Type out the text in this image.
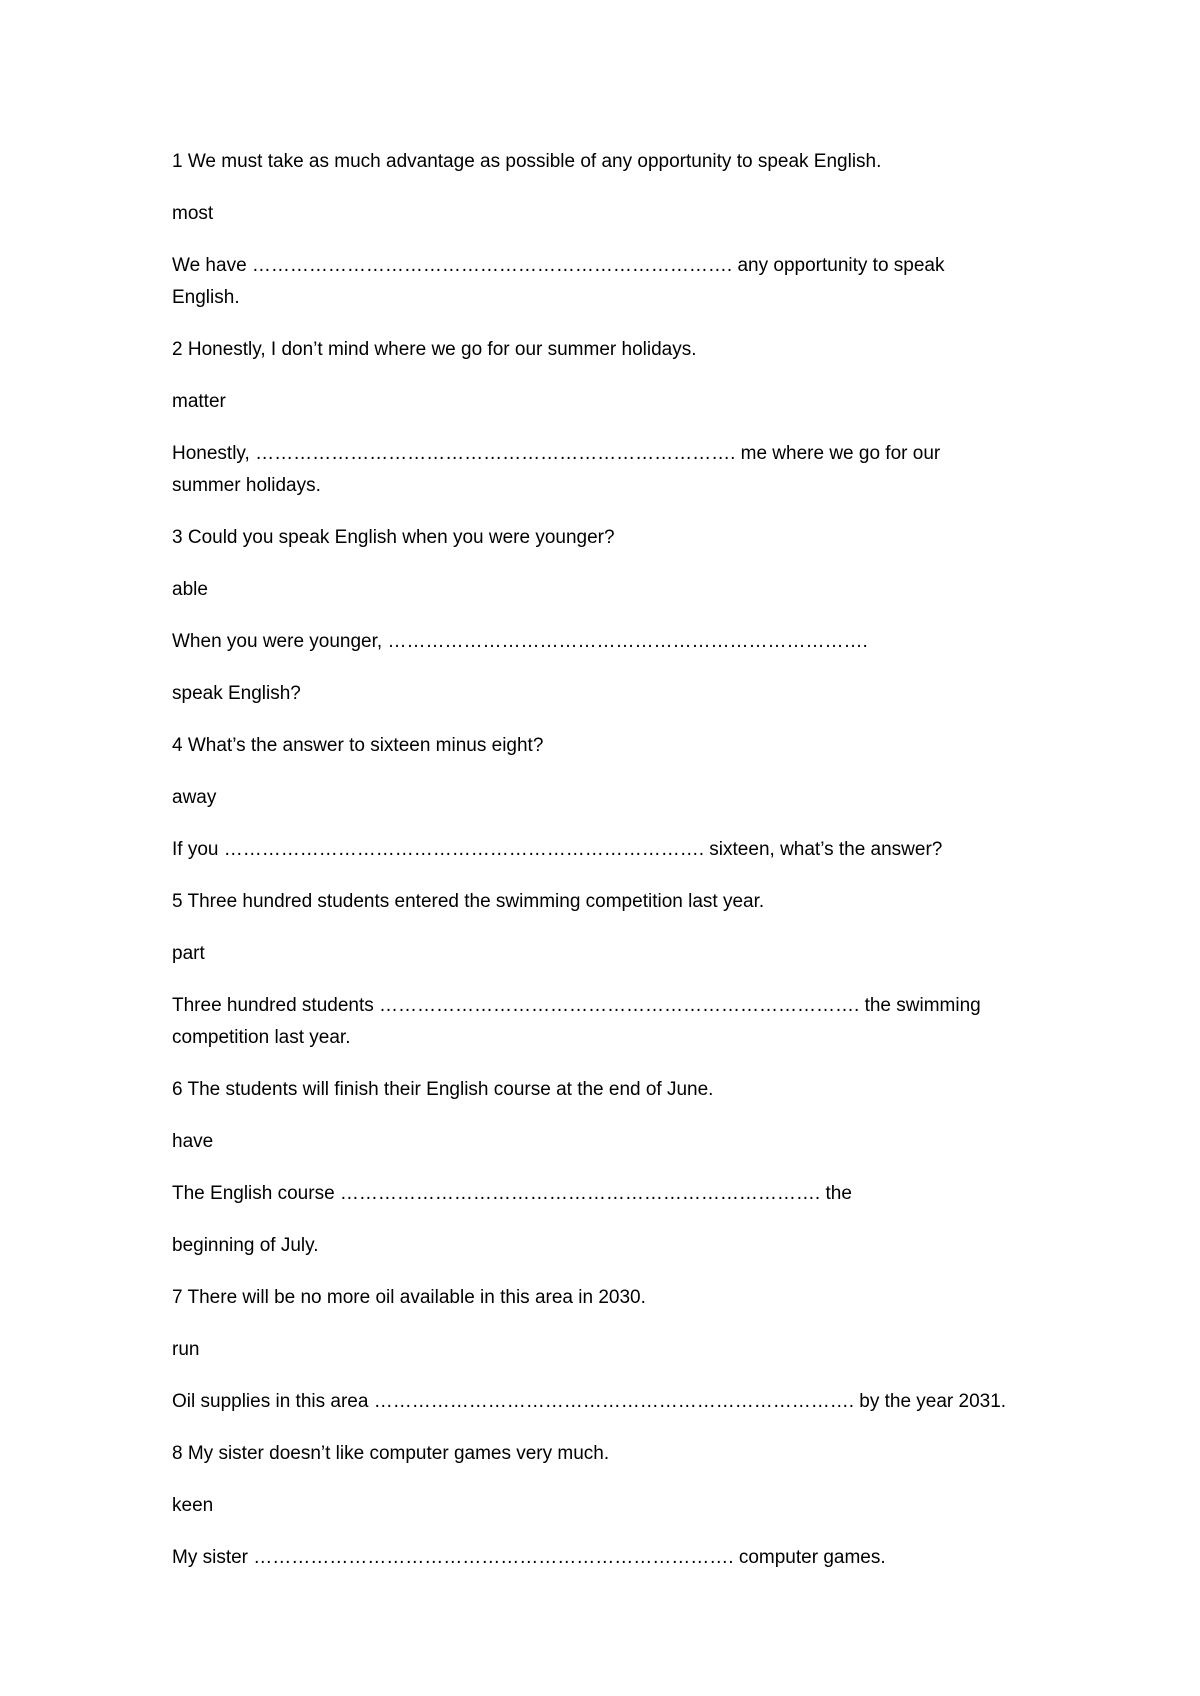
1 We must take as much advantage as possible of any opportunity to speak English.

most

We have …………………………………………………………………. any opportunity to speak English.

2 Honestly, I don’t mind where we go for our summer holidays.

matter

Honestly, …………………………………………………………………. me where we go for our summer holidays.

3 Could you speak English when you were younger?

able

When you were younger, ………………………………………………………………….

speak English?

4 What’s the answer to sixteen minus eight?

away

If you …………………………………………………………………. sixteen, what’s the answer?

5 Three hundred students entered the swimming competition last year.

part

Three hundred students …………………………………………………………………. the swimming competition last year.

6 The students will finish their English course at the end of June.

have

The English course …………………………………………………………………. the

beginning of July.

7 There will be no more oil available in this area in 2030.

run

Oil supplies in this area …………………………………………………………………. by the year 2031.

8 My sister doesn’t like computer games very much.

keen

My sister …………………………………………………………………. computer games.
